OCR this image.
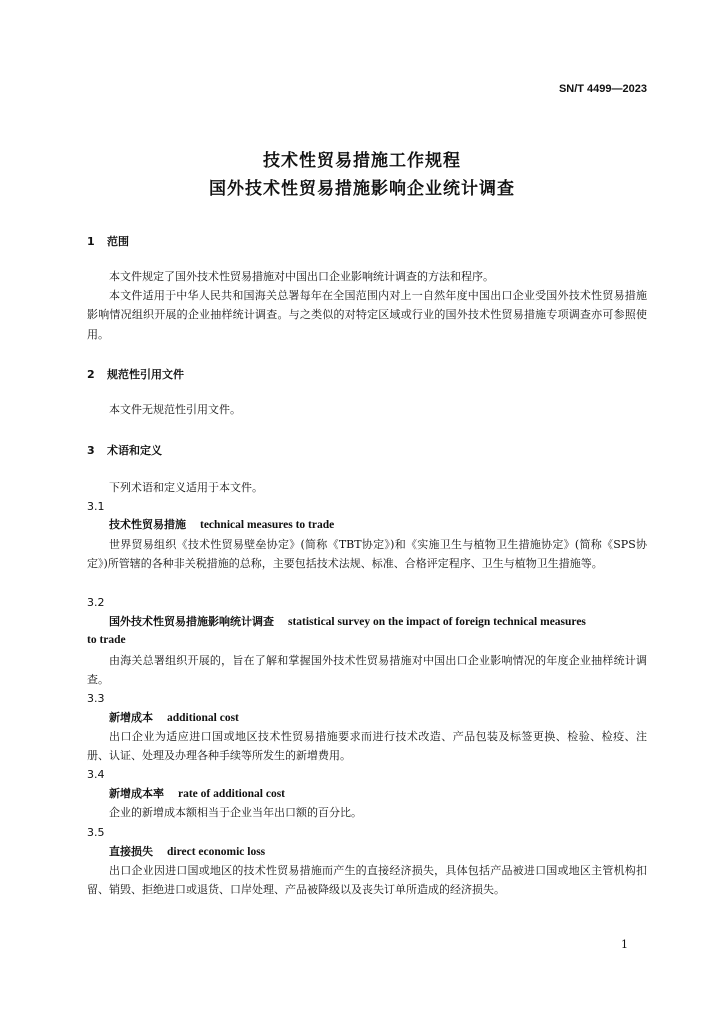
SN/T 4499—2023
技术性贸易措施工作规程
国外技术性贸易措施影响企业统计调查
1 范围
本文件规定了国外技术性贸易措施对中国出口企业影响统计调查的方法和程序。
本文件适用于中华人民共和国海关总署每年在全国范围内对上一自然年度中国出口企业受国外技术性贸易措施影响情况组织开展的企业抽样统计调查。与之类似的对特定区域或行业的国外技术性贸易措施专项调查亦可参照使用。
2 规范性引用文件
本文件无规范性引用文件。
3 术语和定义
下列术语和定义适用于本文件。
3.1
技术性贸易措施 technical measures to trade
世界贸易组织《技术性贸易壁垒协定》(简称《TBT协定》)和《实施卫生与植物卫生措施协定》(简称《SPS协定》)所管辖的各种非关税措施的总称，主要包括技术法规、标准、合格评定程序、卫生与植物卫生措施等。
3.2
国外技术性贸易措施影响统计调查 statistical survey on the impact of foreign technical measures
to trade
由海关总署组织开展的，旨在了解和掌握国外技术性贸易措施对中国出口企业影响情况的年度企业抽样统计调查。
3.3
新增成本 additional cost
出口企业为适应进口国或地区技术性贸易措施要求而进行技术改造、产品包装及标签更换、检验、检疫、注册、认证、处理及办理各种手续等所发生的新增费用。
3.4
新增成本率 rate of additional cost
企业的新增成本额相当于企业当年出口额的百分比。
3.5
直接损失 direct economic loss
出口企业因进口国或地区的技术性贸易措施而产生的直接经济损失，具体包括产品被进口国或地区主管机构扣留、销毁、拒绝进口或退货、口岸处理、产品被降级以及丧失订单所造成的经济损失。
1
